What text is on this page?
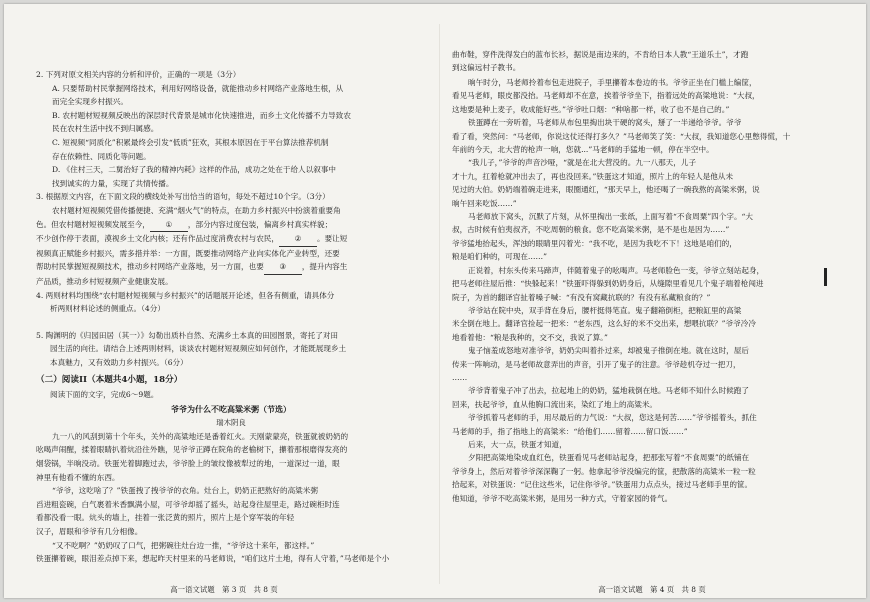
2. 下列对原文相关内容的分析和评价，正确的一项是（3分）

A. 只要帮助村民掌握网络技术，利用好网络设备，就能推动乡村网络产业落地生根，从
而完全实现乡村振兴。
B. 农村题材短视频反映出的深层时代背景是城市化快速推进，而乡土文化传播不力导致农
民在农村生活中找不到归属感。
C. 短视频“同质化”积累最终会引发“低质”狂欢，其根本原因在于平台算法推荐机制
存在依赖性、同质化等问题。
D. 《住村三天，二舅治好了我的精神内耗》这样的作品，成功之处在于给人以叙事中
找到诚实的力量，实现了共情传播。

3. 根据原文内容，在下面文段的横线处补写出恰当的语句，每处不超过10个字。（3分）

农村题材短视频凭借传播便捷、充满“烟火气”的特点，在助力乡村振兴中扮演着重要角
色。但农村题材短视频发展至今， ① ，部分内容过度包装，偏离乡村真实样貌；
不少创作停于表面，漠视乡土文化内核；还有作品过度消费农村与农民， ② 。要让短
视频真正赋能乡村振兴，需多措并举：一方面，既要推动网络产业向实体化产业转型，还要
帮助村民掌握短视频技术，推动乡村网络产业落地，另一方面，也要 ③ ，提升内容生
产品质，推动乡村短视频产业健康发展。

4. 两则材料均围绕“农村题材短视频与乡村振兴”的话题展开论述，但各有侧重，请具体分

析两则材料论述的侧重点。（4分）

5. 陶渊明的《归园田居（其一）》勾勒出质朴自然、充满乡土本真的田园图景，寄托了对田

园生活的向往。请结合上述两则材料，谈谈农村题材短视频应如何创作，才能既展现乡土
本真魅力，又有效助力乡村振兴。（6分）
（二）阅读II（本题共4小题，18分）
阅读下面的文字，完成6～9题。
爷爷为什么不吃高粱米粥（节选）
瑞木阴良

九一八的风刮到第十个年头，关外的高粱地还是番着红火。天刚蒙蒙亮，铁蛋就被奶奶的

吆喝声闹醒，揉着眼睛扒着炕沿往外瞧，见爷爷正蹲在院角的老榆树下，攥着那根磨得发亮的

烟袋锅，半晌没动。铁蛋光着脚跑过去，爷爷脸上的皱纹像被犁过的地，一道深过一道，眼

神里有他看不懂的东西。

“爷爷，这吃啥了？”铁蛋拽了拽爷爷的衣角。灶台上，奶奶正把熬好的高粱米粥

舀进粗瓷碗，白气裹着米香飘满小屋，可爷爷却摇了摇头，站起身往屋里走，路过碗柜时连

看都没看一眼。炕头的墙上，挂着一张泛黄的照片，照片上是个穿军装的年轻

汉子，眉眼和爷爷有几分相像。

“又不吃啊？”奶奶叹了口气，把粥碗往灶台边一推，“爷爷这十来年，都这样。”

铁蛋攥着碗，眼泪差点掉下来，想起昨天村里来的马老师说，“咱们这片土地，得有人守着，”马老师是个小

高一语文试题　第 3 页　共 8 页
曲布鞋，穿件洗得发白的蓝布长衫，据说是南边来的，不肯给日本人教“王道乐土”，才跑
到这偏远村子教书。

晌午时分，马老师拎着布包走进院子，手里攥着本卷边的书。爷爷正坐在门槛上编筐，

看见马老师，眼皮都没抬。马老师却不在意，挨着爷爷坐下，指着远处的高粱地说：“大叔，

这地要是种上麦子，收成能好些。”爷爷吐口烟：“种啥都一样，收了也不是自己的。”

铁蛋蹲在一旁听着，马老师从布包里掏出块干硬的窝头，掰了一半递给爷爷。爷爷

看了看，突然问：“马老师，你说这仗还得打多久？”马老师笑了笑：“大叔，我知道您心里憋得慌，十

年前的今天，北大营的枪声一响，您就...”马老师的手猛地一顿，停在半空中。

“我儿子，”爷爷的声音沙哑，“就是在北大营没的。九一八那天，儿子

才十九，扛着枪就冲出去了，再也没回来。”铁蛋这才知道，照片上的年轻人是他从未

见过的大伯。奶奶端着碗走进来，眼圈通红，“那天早上，他还喝了一碗我熬的高粱米粥，说

晌午回来吃饭……”

马老师放下窝头，沉默了片刻，从怀里掏出一张纸，上面写着“不食周粟”四个字。“大

叔，古时候有伯夷叔齐，不吃周朝的粮食。您不吃高粱米粥，是不是也是因为……”

爷爷猛地抬起头，浑浊的眼睛里闪着光：“我不吃，是因为我吃不下！这地是咱们的，

粮是咱们种的，可现在……”

正说着，村东头传来马蹄声，伴随着鬼子的吆喝声。马老师脸色一变，爷爷立刻站起身，

把马老师往屋后推：“快躲起来！”铁蛋吓得躲到奶奶身后，从缝隙里看见几个鬼子端着枪闯进

院子，为首的翻译官扯着嗓子喊：“有没有窝藏抗联的？有没有私藏粮食的？”

爷爷站在院中央，双手背在身后，腰杆挺得笔直。鬼子翻箱倒柜，把粮缸里的高粱

米全倒在地上。翻译官捡起一把米：“老东西，这么好的米不交出来，想喂抗联？”爷爷冷冷

地看着他：“粮是我种的，交不交，我说了算。”

鬼子恼羞成怒地对准爷爷，奶奶尖叫着扑过来，却被鬼子推倒在地。就在这时，屋后

传来一阵响动，是马老师故意弄出的声音，引开了鬼子的注意。爷爷趁机夺过一把刀，

……

爷爷背着鬼子冲了出去，拉起地上的奶奶，猛地栽倒在地。马老师不知什么时候跑了

回来，扶起爷爷，血从他胸口流出来，染红了地上的高粱米。

爷爷抓着马老师的手，用尽最后的力气说：“大叔，您这是何苦……”爷爷摇着头，抓住

马老师的手，指了指地上的高粱米：“给他们……留着……留口饭……”

后来，大一点，铁蛋才知道，

夕阳把高粱地染成血红色，铁蛋看见马老师站起身，把那张写着“不食周粟”的纸铺在

爷爷身上，然后对着爷爷深深鞠了一躬。他拿起爷爷没编完的筐，把散落的高粱米一粒一粒

拾起来，对铁蛋说：“记住这些米，记住你爷爷。”铁蛋用力点点头，接过马老师手里的筐。

他知道，爷爷不吃高粱米粥，是用另一种方式，守着家园的骨气。

高一语文试题　第 4 页　共 8 页
